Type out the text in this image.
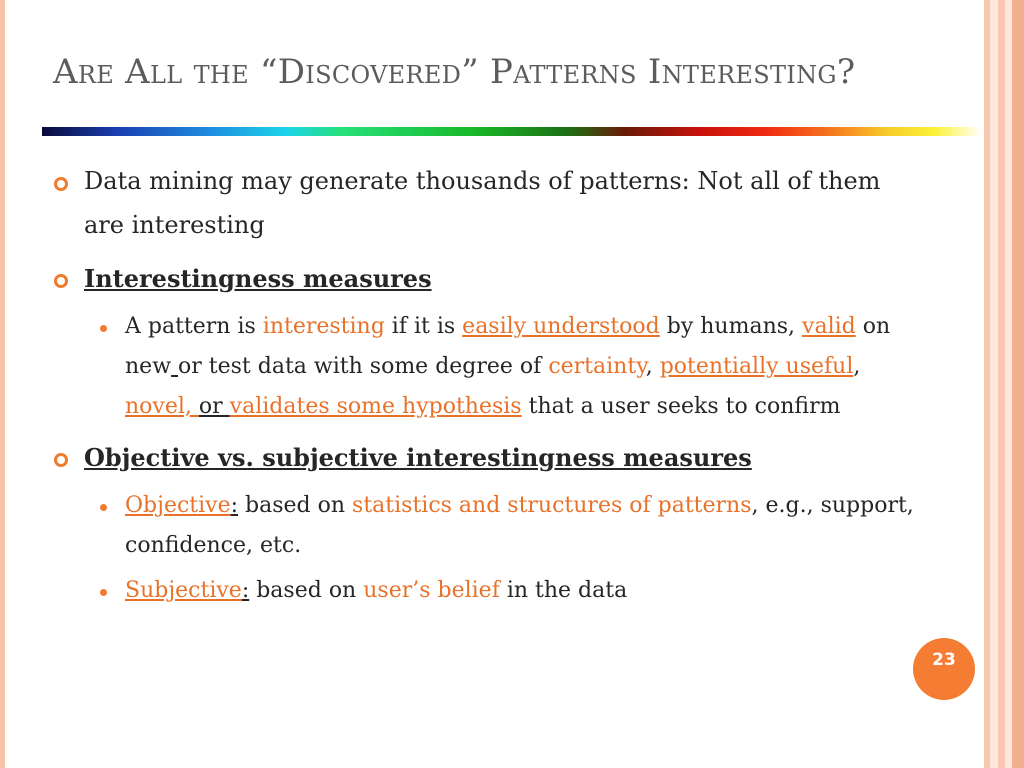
Are All the “Discovered” Patterns Interesting?
Data mining may generate thousands of patterns: Not all of them
are interesting
Interestingness measures
A pattern is interesting if it is easily understood by humans, valid on
new or test data with some degree of certainty, potentially useful,
novel, or validates some hypothesis that a user seeks to confirm
Objective vs. subjective interestingness measures
Objective: based on statistics and structures of patterns, e.g., support,
confidence, etc.
Subjective: based on user’s belief in the data
23
